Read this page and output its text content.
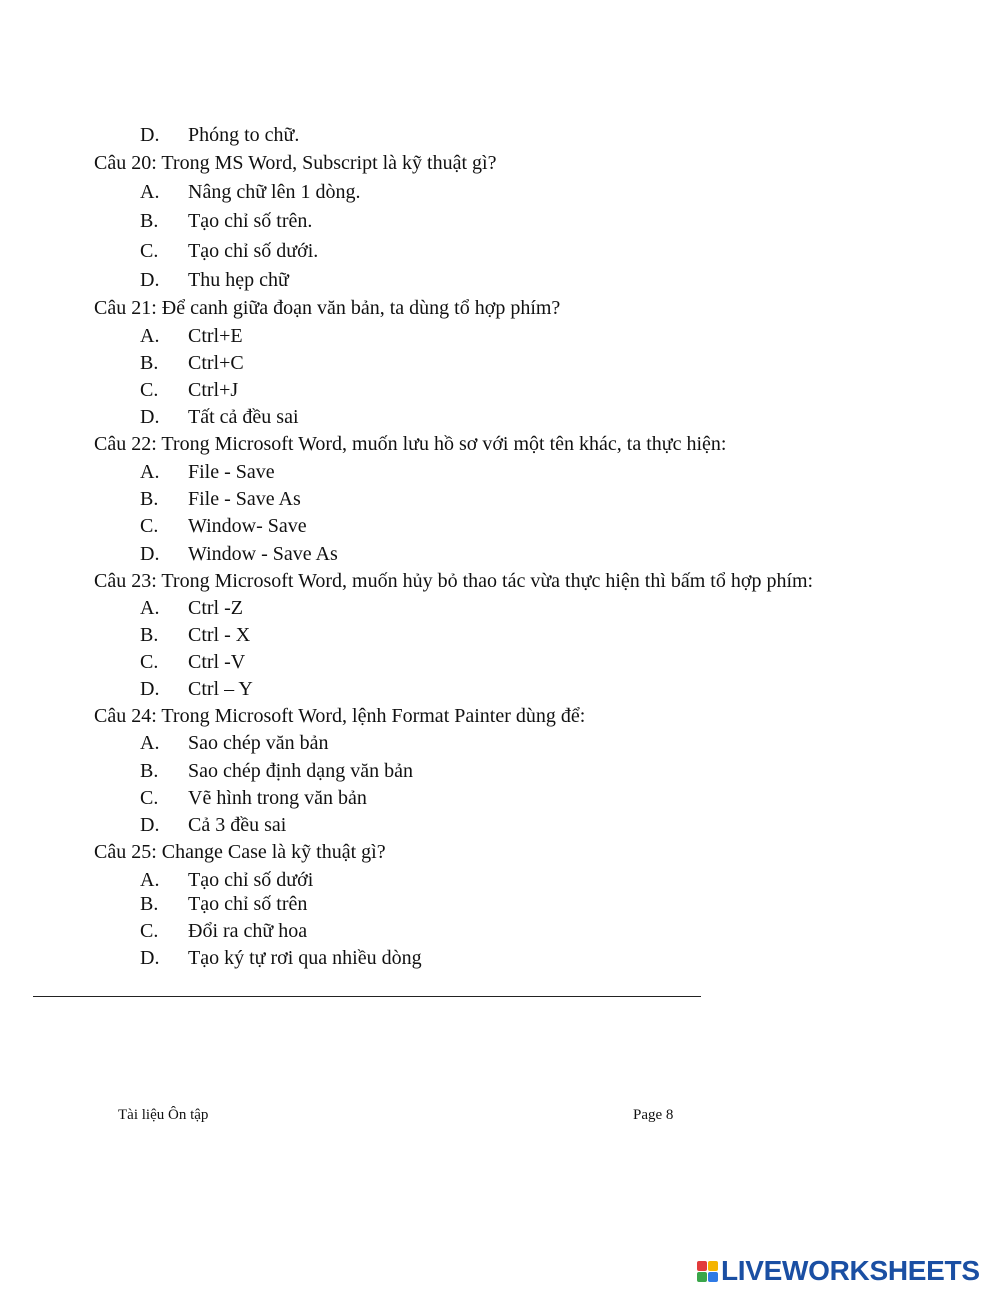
D. Phóng to chữ.
Câu 20: Trong MS Word, Subscript là kỹ thuật gì?
A. Nâng chữ lên 1 dòng.
B. Tạo chỉ số trên.
C. Tạo chỉ số dưới.
D. Thu hẹp chữ
Câu 21: Để canh giữa đoạn văn bản, ta dùng tổ hợp phím?
A. Ctrl+E
B. Ctrl+C
C. Ctrl+J
D. Tất cả đều sai
Câu 22: Trong Microsoft Word, muốn lưu hồ sơ với một tên khác, ta thực hiện:
A. File - Save
B. File - Save As
C. Window- Save
D. Window - Save As
Câu 23: Trong Microsoft Word, muốn hủy bỏ thao tác vừa thực hiện thì bấm tổ hợp phím:
A. Ctrl -Z
B. Ctrl - X
C. Ctrl -V
D. Ctrl – Y
Câu 24: Trong Microsoft Word, lệnh Format Painter dùng để:
A. Sao chép văn bản
B. Sao chép định dạng văn bản
C. Vẽ hình trong văn bản
D. Cả 3 đều sai
Câu 25: Change Case là kỹ thuật gì?
A. Tạo chỉ số dưới
B. Tạo chỉ số trên
C. Đổi ra chữ hoa
D. Tạo ký tự rơi qua nhiều dòng
Tài liệu Ôn tập	Page 8
LIVEWORKSHEETS
